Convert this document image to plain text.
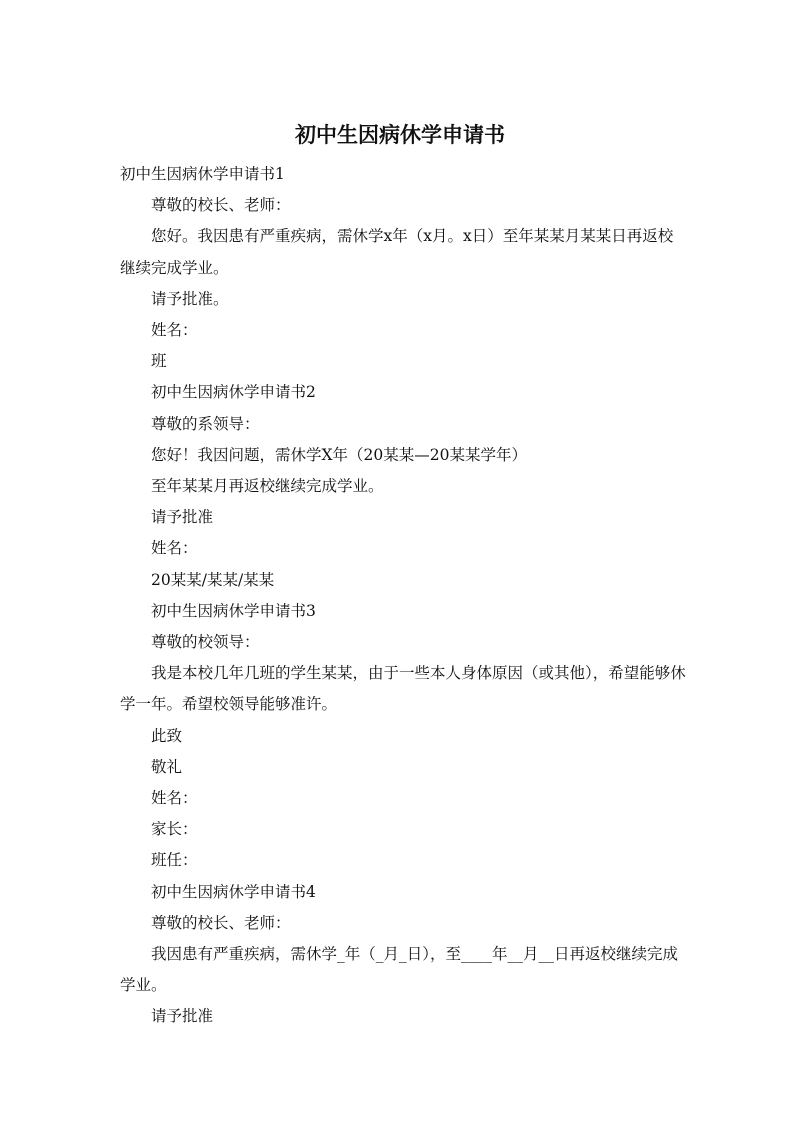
初中生因病休学申请书

初中生因病休学申请书1

尊敬的校长、老师：

您好。我因患有严重疾病，需休学x年（x月。x日）至年某某月某某日再返校继续完成学业。

请予批准。

姓名：

班

初中生因病休学申请书2

尊敬的系领导：

您好！我因问题，需休学X年（20某某—20某某学年）

至年某某月再返校继续完成学业。

请予批准

姓名：

20某某/某某/某某

初中生因病休学申请书3

尊敬的校领导：

我是本校几年几班的学生某某，由于一些本人身体原因（或其他），希望能够休学一年。希望校领导能够准许。

此致

敬礼

姓名：

家长：

班任：

初中生因病休学申请书4

尊敬的校长、老师：

我因患有严重疾病，需休学_年（_月_日），至____年__月__日再返校继续完成学业。

请予批准
